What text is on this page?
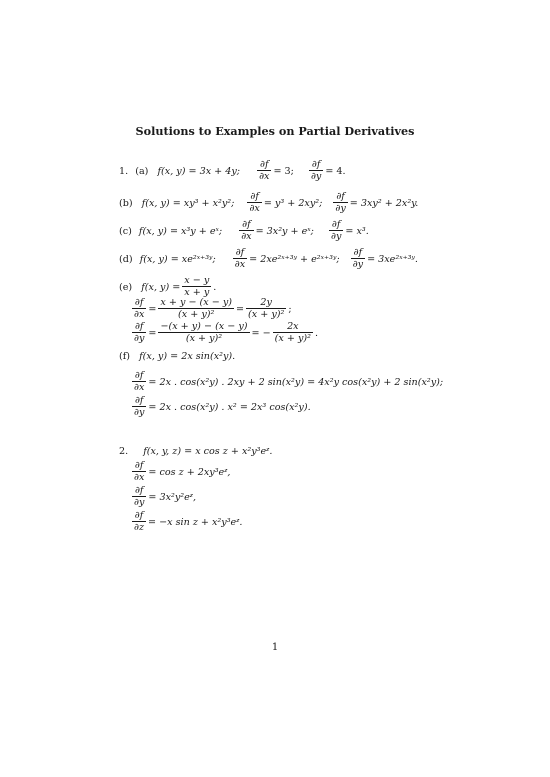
Solutions to Examples on Partial Derivatives
1. (a) f(x, y) = 3x + 4y; $\frac{\partial f}{\partial x} = 3$; $\frac{\partial f}{\partial y} = 4$.
(b) f(x, y) = xy³ + x²y²; $\frac{\partial f}{\partial x} = y^3 + 2xy^2$; $\frac{\partial f}{\partial y} = 3xy^2 + 2x^2y$.
(c) f(x, y) = x³y + eˣ; $\frac{\partial f}{\partial x} = 3x^2y$ + eˣ; $\frac{\partial f}{\partial y} = x^3$.
(d) f(x, y) = xe²ˣ⁺³ʸ; $\frac{\partial f}{\partial x}$ = 2xe²ˣ⁺³ʸ + e²ˣ⁺³ʸ; $\frac{\partial f}{\partial y}$ = 3xe²ˣ⁺³ʸ.
(e) f(x, $y) = \frac{x - y}{x + y}$ .
$\frac{\partial f}{\partial x} = \frac{x + y - (x - y)}{\text{(x + y)²}} = \frac{2y}{\text{(x + y)²}}$ ;
$\frac{\partial f}{\partial y} = \frac{-(x + y) - (x - y)}{\text{(x + y)²}}$ = − $\frac{2x}{\text{(x + y)²}}$ .
(f) f(x, y) = 2x sin(x²y).
$\frac{\partial f}{\partial x} = 2x$ . cos(x²y) . 2xy + 2 sin(x²y) = 4x²y cos(x²y) + 2 sin(x²y);
$\frac{\partial f}{\partial y} = 2x$ . cos(x²y) . x² = 2x³ cos(x²y).
2. f(x, y, z) = x cos z + x²y³eᶻ.
$\frac{\partial f}{\partial x} = \cos z$ + 2xy³eᶻ,
$\frac{\partial f}{\partial y}$ = 3x²y²eᶻ,
$\frac{\partial f}{\partial z} = -x$ sin z + x²y³eᶻ.
1
